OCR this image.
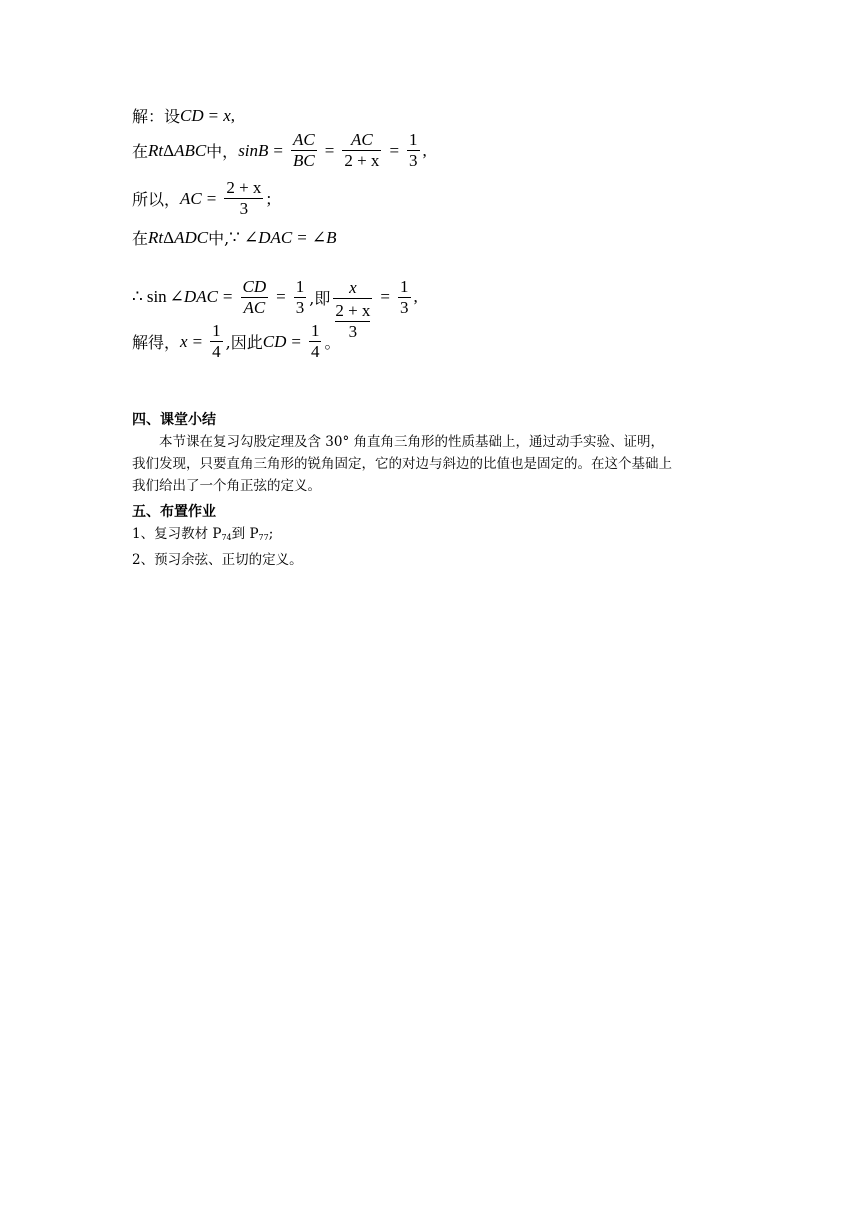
解：设 CD = x ,
在 Rt Δ ABC 中， $\sin B = \frac{AC}{BC} = \frac{AC}{2 + x} = \frac{1}{3}$ ,
所以， AC = $\frac{2 + x}{3}$ ;
在 Rt Δ ADC 中, ∵ ∠DAC = ∠B
∴ sin ∠DAC = $\frac{CD}{AC} = \frac{1}{3}$ ,即 x
2 + x
$3 = \frac{1}{3}$ ,
解得， $x = \frac{1}{4}$ ,因此 CD = $\frac{1}{4}$ 。
四、课堂小结
　　本节课在复习勾股定理及含 30° 角直角三角形的性质基础上，通过动手实验、证明，
我们发现，只要直角三角形的锐角固定，它的对边与斜边的比值也是固定的。在这个基础上
我们给出了一个角正弦的定义。
五、布置作业
1、复习教材 $P_{74}$到 $P_{77}$;
2、预习余弦、正切的定义。
